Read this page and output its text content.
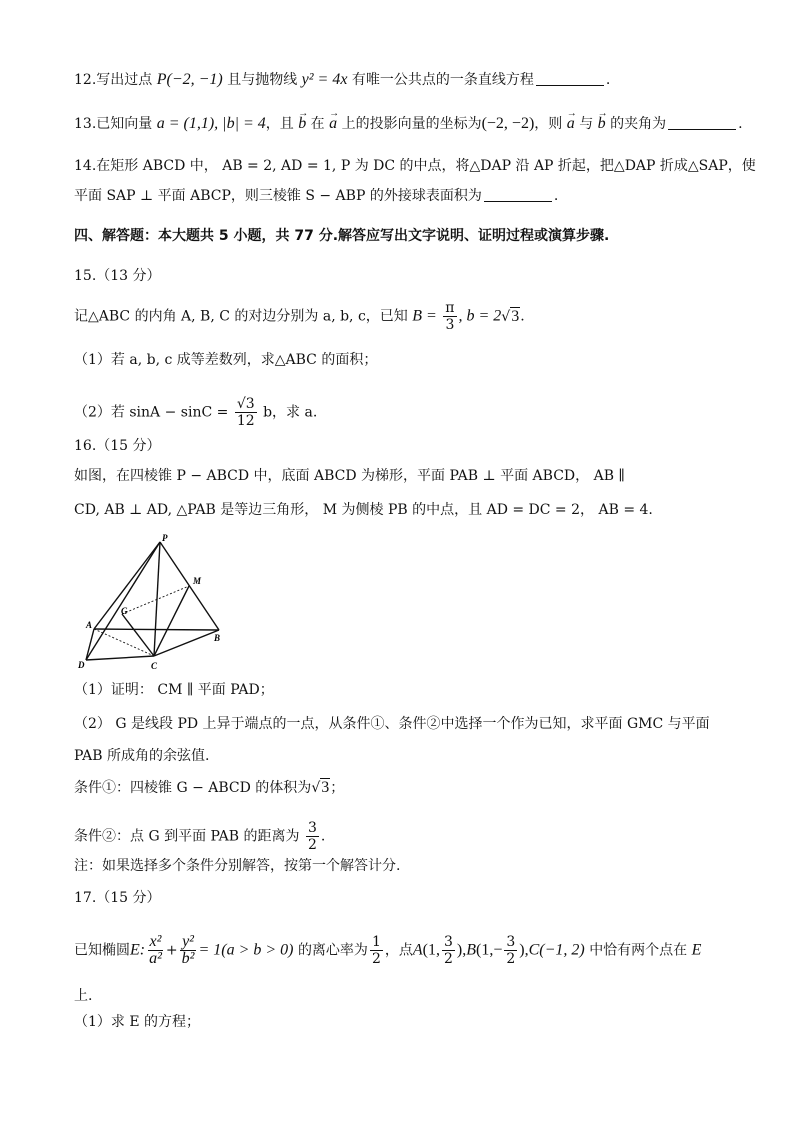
12.写出过点 P(−2, −1) 且与抛物线 y² = 4x 有唯一公共点的一条直线方程	.
13.已知向量 a = (1,1), |b| = 4，且 → b 在 → a 上的投影向量的坐标为(−2, −2)，则 → a 与 → b 的夹角为	.
14.在矩形 ABCD 中， AB = 2, AD = 1, P 为 DC 的中点，将△DAP 沿 AP 折起，把△DAP 折成△SAP，使
平面 SAP ⊥ 平面 ABCP，则三棱锥 S − ABP 的外接球表面积为	.
四、解答题：本大题共 5 小题，共 77 分.解答应写出文字说明、证明过程或演算步骤.
15.（13 分）
记△ABC 的内角 A, B, C 的对边分别为 a, b, c，已知 $B = \frac{\pi}{3}$ , b = 2√3.
（1）若 a, b, c 成等差数列，求△ABC 的面积；
（2）若 $\sin A - \sin C = \frac{√3}{12}$ b，求 a.
16.（15 分）
如图，在四棱锥 P − ABCD 中，底面 ABCD 为梯形，平面 PAB ⊥ 平面 ABCD， AB ∥
CD, AB ⊥ AD, △PAB 是等边三角形， M 为侧棱 PB 的中点，且 AD = DC = 2， AB = 4.
P
M
G
A
B
C
D
（1）证明： CM ∥ 平面 PAD；
（2） G 是线段 PD 上异于端点的一点，从条件①、条件②中选择一个作为已知，求平面 GMC 与平面
PAB 所成角的余弦值.
条件①：四棱锥 G − ABCD 的体积为√3；
条件②：点 G 到平面 PAB 的距离为 $\frac{3}{2}$ .
注：如果选择多个条件分别解答，按第一个解答计分.
17.（15 分）
已知椭圆E: $\frac{\text{x²}}{\text{a²}} + \frac{\text{y²}}{\text{b²}} = 1(a > b > 0)$ 的离心率为 $\frac{1}{2}$ ，点A(1, $\frac{3}{2} ),B(1,- \frac{3}{2} ),C(-1$, 2) 中恰有两个点在 E
上.
（1）求 E 的方程；
